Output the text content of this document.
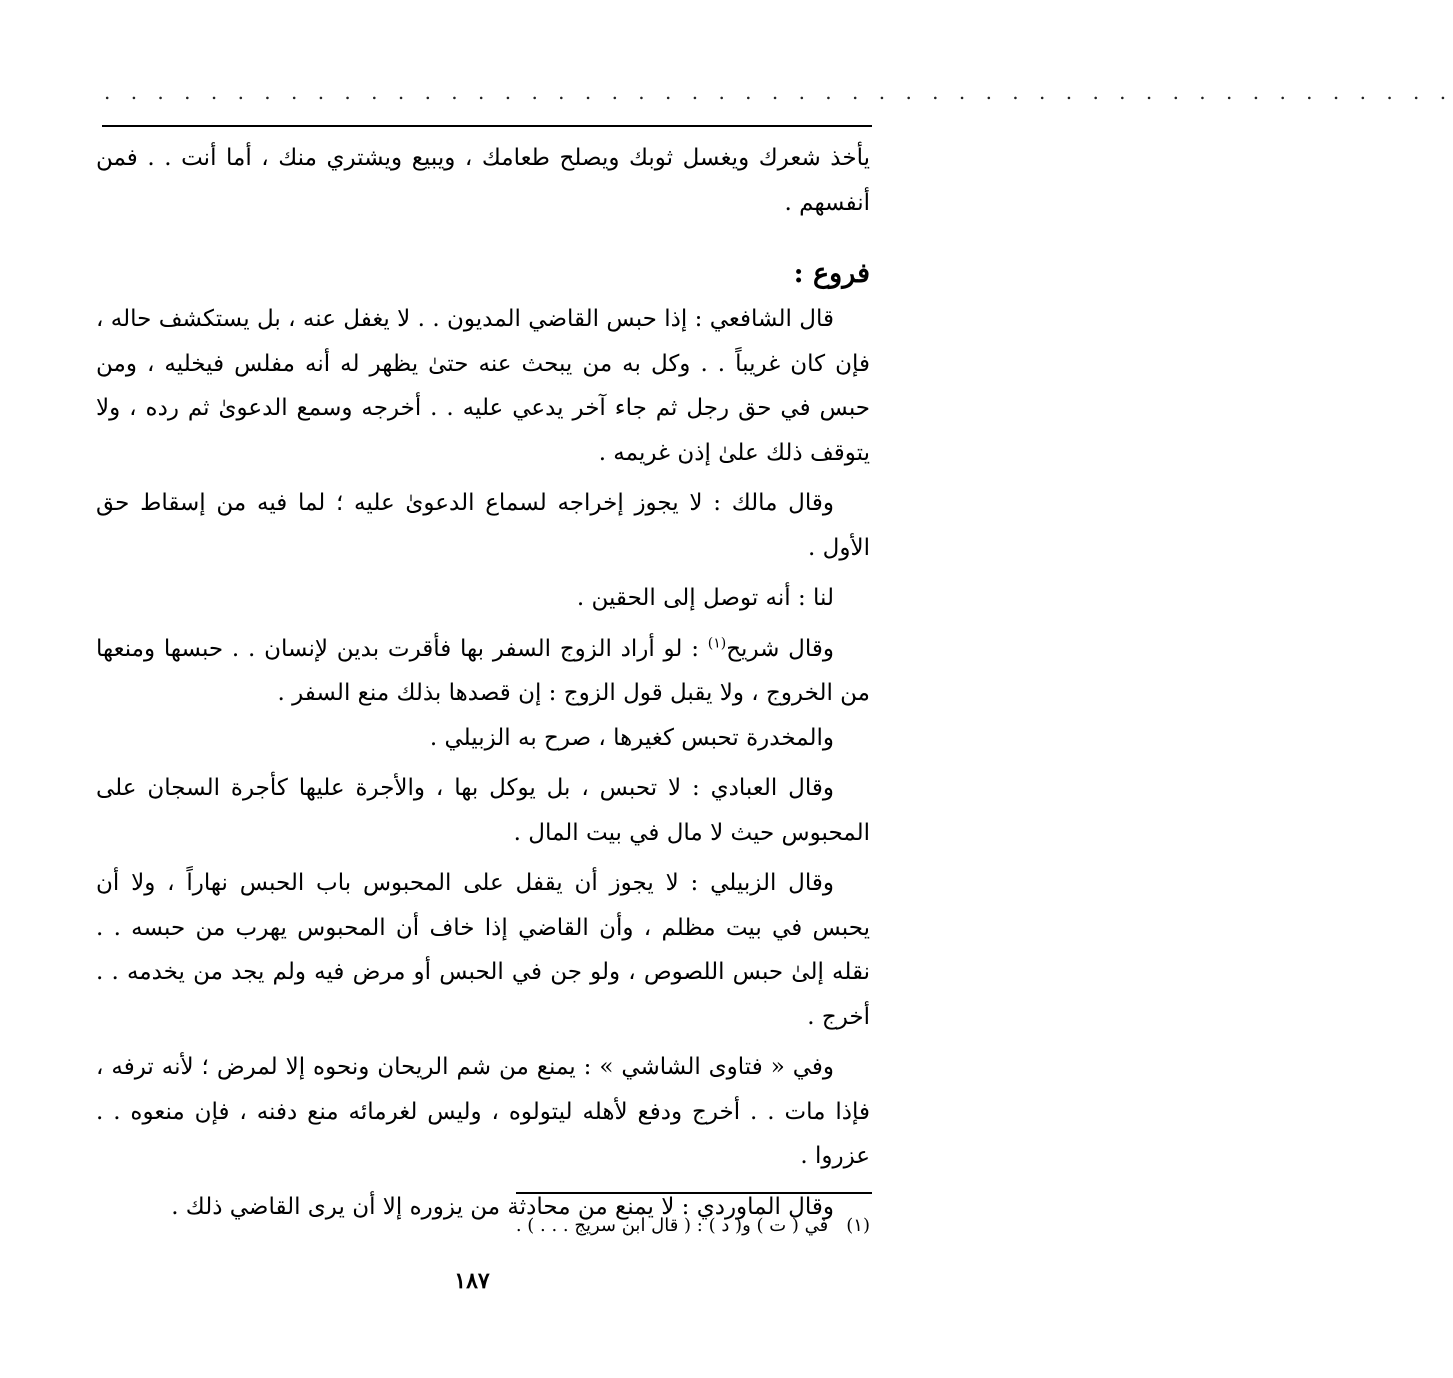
. . . . . . . . . . . . . . . . . . . . . . . . . . . . . . . . . . . . . . . . . . . . . . . . . . .

يأخذ شعرك ويغسل ثوبك ويصلح طعامك ، ويبيع ويشتري منك ، أما أنت . . فمن أنفسهم .

فروع :

قال الشافعي : إذا حبس القاضي المديون . . لا يغفل عنه ، بل يستكشف حاله ، فإن كان غريباً . . وكل به من يبحث عنه حتىٰ يظهر له أنه مفلس فيخليه ، ومن حبس في حق رجل ثم جاء آخر يدعي عليه . . أخرجه وسمع الدعوىٰ ثم رده ، ولا يتوقف ذلك علىٰ إذن غريمه .

وقال مالك : لا يجوز إخراجه لسماع الدعوىٰ عليه ؛ لما فيه من إسقاط حق الأول .

لنا : أنه توصل إلى الحقين .

وقال شريح$^{(١)}$ : لو أراد الزوج السفر بها فأقرت بدين لإنسان . . حبسها ومنعها من الخروج ، ولا يقبل قول الزوج : إن قصدها بذلك منع السفر .

والمخدرة تحبس كغيرها ، صرح به الزبيلي .

وقال العبادي : لا تحبس ، بل يوكل بها ، والأجرة عليها كأجرة السجان على المحبوس حيث لا مال في بيت المال .

وقال الزبيلي : لا يجوز أن يقفل على المحبوس باب الحبس نهاراً ، ولا أن يحبس في بيت مظلم ، وأن القاضي إذا خاف أن المحبوس يهرب من حبسه . . نقله إلىٰ حبس اللصوص ، ولو جن في الحبس أو مرض فيه ولم يجد من يخدمه . . أخرج .

وفي « فتاوى الشاشي » : يمنع من شم الريحان ونحوه إلا لمرض ؛ لأنه ترفه ، فإذا مات . . أخرج ودفع لأهله ليتولوه ، وليس لغرمائه منع دفنه ، فإن منعوه . . عزروا .

وقال الماوردي : لا يمنع من محادثة من يزوره إلا أن يرى القاضي ذلك .

(١)في ( ت ) و( د ) : ( قال ابن سريج . . . ) .
١٨٧
